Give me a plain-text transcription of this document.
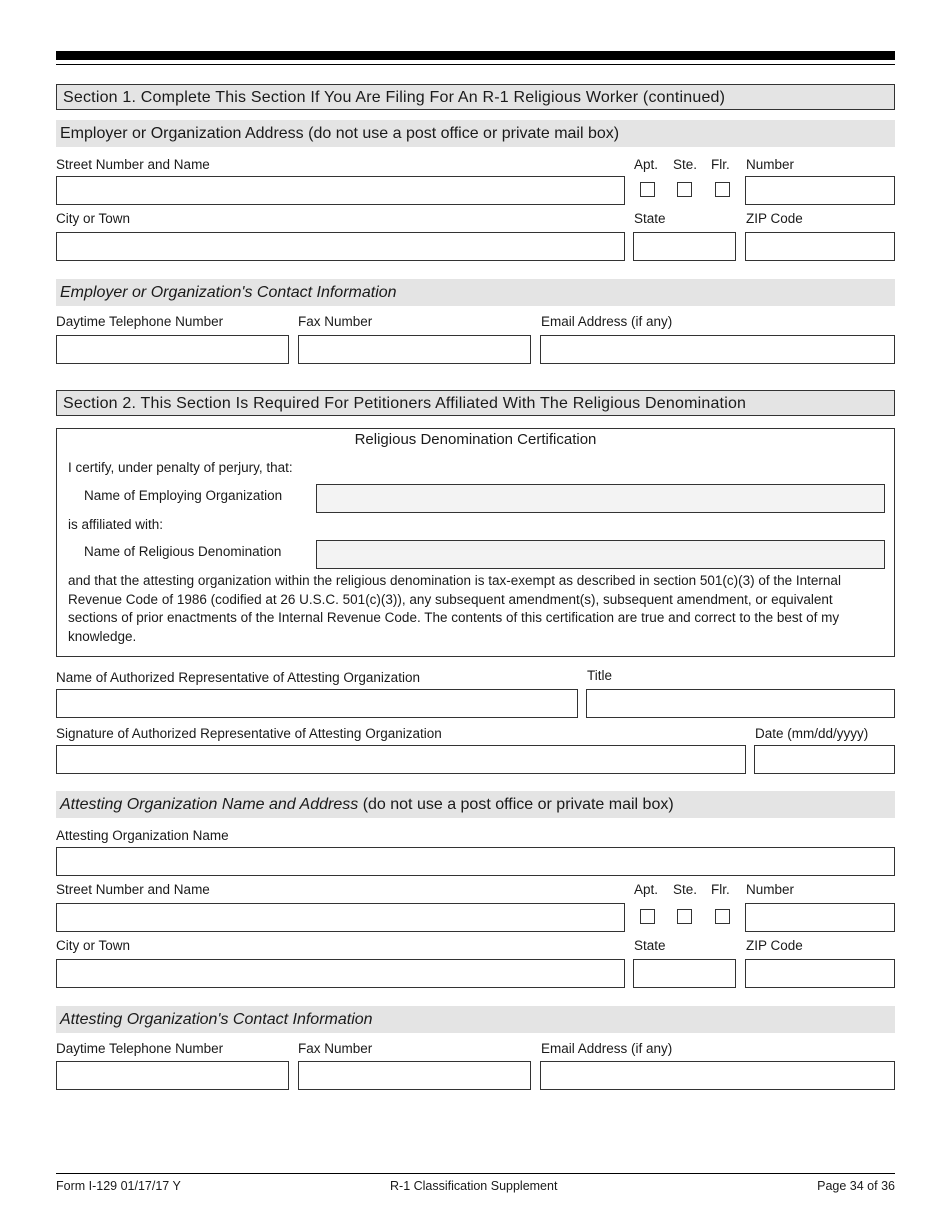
Section 1. Complete This Section If You Are Filing For An R-1 Religious Worker (continued)
Employer or Organization Address (do not use a post office or private mail box)
Street Number and Name	Apt. Ste. Flr. Number
City or Town	State	ZIP Code
Employer or Organization's Contact Information
Daytime Telephone Number	Fax Number	Email Address (if any)
Section 2. This Section Is Required For Petitioners Affiliated With The Religious Denomination
Religious Denomination Certification
I certify, under penalty of perjury, that:
Name of Employing Organization
is affiliated with:
Name of Religious Denomination
and that the attesting organization within the religious denomination is tax-exempt as described in section 501(c)(3) of the Internal Revenue Code of 1986 (codified at 26 U.S.C. 501(c)(3)), any subsequent amendment(s), subsequent amendment, or equivalent sections of prior enactments of the Internal Revenue Code. The contents of this certification are true and correct to the best of my knowledge.
Name of Authorized Representative of Attesting Organization	Title
Signature of Authorized Representative of Attesting Organization	Date (mm/dd/yyyy)
Attesting Organization Name and Address (do not use a post office or private mail box)
Attesting Organization Name
Street Number and Name	Apt. Ste. Flr. Number
City or Town	State	ZIP Code
Attesting Organization's Contact Information
Daytime Telephone Number	Fax Number	Email Address (if any)
Form I-129 01/17/17 Y	R-1 Classification Supplement	Page 34 of 36
